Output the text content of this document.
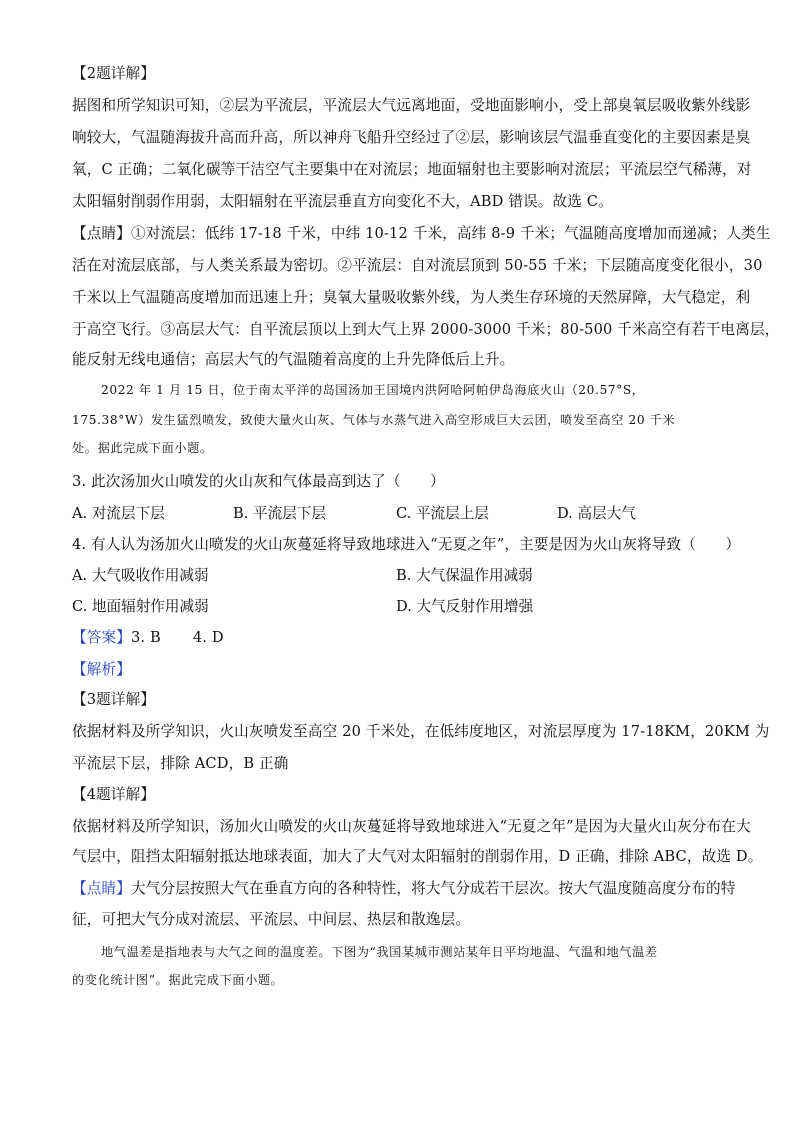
【2题详解】
据图和所学知识可知，②层为平流层，平流层大气远离地面，受地面影响小，受上部臭氧层吸收紫外线影
响较大，气温随海拔升高而升高，所以神舟飞船升空经过了②层，影响该层气温垂直变化的主要因素是臭
氧，C 正确；二氧化碳等干洁空气主要集中在对流层；地面辐射也主要影响对流层；平流层空气稀薄，对
太阳辐射削弱作用弱，太阳辐射在平流层垂直方向变化不大，ABD 错误。故选 C。
【点睛】①对流层：低纬 17-18 千米，中纬 10-12 千米，高纬 8-9 千米；气温随高度增加而递减；人类生
活在对流层底部，与人类关系最为密切。②平流层：自对流层顶到 50-55 千米；下层随高度变化很小，30
千米以上气温随高度增加而迅速上升；臭氧大量吸收紫外线，为人类生存环境的天然屏障，大气稳定，利
于高空飞行。③高层大气：自平流层顶以上到大气上界 2000-3000 千米；80-500 千米高空有若干电离层，
能反射无线电通信；高层大气的气温随着高度的上升先降低后上升。
2022 年 1 月 15 日，位于南太平洋的岛国汤加王国境内洪阿哈阿帕伊岛海底火山（20.57°S，
175.38°W）发生猛烈喷发，致使大量火山灰、气体与水蒸气进入高空形成巨大云团，喷发至高空 20 千米
处。据此完成下面小题。
3. 此次汤加火山喷发的火山灰和气体最高到达了（　　）
A. 对流层下层	B. 平流层下层	C. 平流层上层	D. 高层大气
4. 有人认为汤加火山喷发的火山灰蔓延将导致地球进入“无夏之年”，主要是因为火山灰将导致（　　）
A. 大气吸收作用减弱	B. 大气保温作用减弱
C. 地面辐射作用减弱	D. 大气反射作用增强
【答案】3. B 4. D
【解析】
【3题详解】
依据材料及所学知识，火山灰喷发至高空 20 千米处，在低纬度地区，对流层厚度为 17-18KM，20KM 为
平流层下层，排除 ACD，B 正确
【4题详解】
依据材料及所学知识，汤加火山喷发的火山灰蔓延将导致地球进入“无夏之年”是因为大量火山灰分布在大
气层中，阻挡太阳辐射抵达地球表面，加大了大气对太阳辐射的削弱作用，D 正确，排除 ABC，故选 D。
【点睛】大气分层按照大气在垂直方向的各种特性，将大气分成若干层次。按大气温度随高度分布的特
征，可把大气分成对流层、平流层、中间层、热层和散逸层。
地气温差是指地表与大气之间的温度差。下图为“我国某城市测站某年日平均地温、气温和地气温差
的变化统计图”。据此完成下面小题。
